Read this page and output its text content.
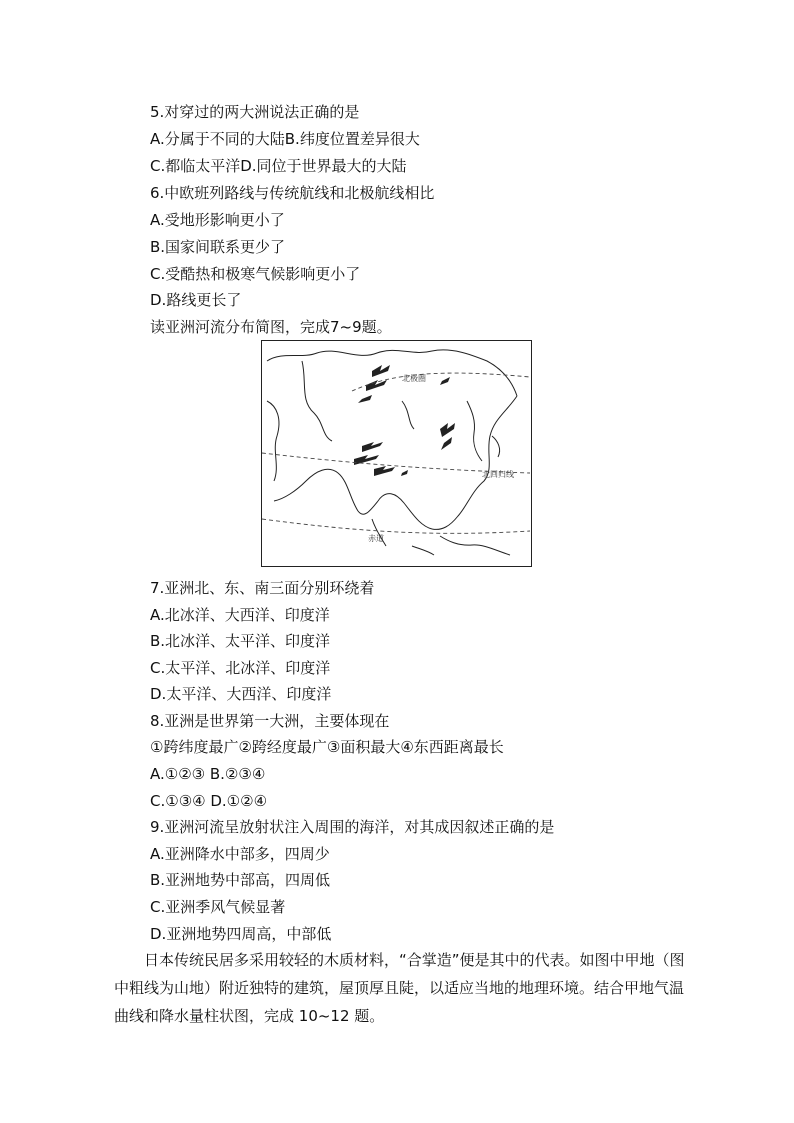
5.对穿过的两大洲说法正确的是
A.分属于不同的大陆B.纬度位置差异很大
C.都临太平洋D.同位于世界最大的大陆
6.中欧班列路线与传统航线和北极航线相比
A.受地形影响更小了
B.国家间联系更少了
C.受酷热和极寒气候影响更小了
D.路线更长了
读亚洲河流分布简图，完成7~9题。
北极圈
北回归线
赤道
7.亚洲北、东、南三面分别环绕着
A.北冰洋、大西洋、印度洋
B.北冰洋、太平洋、印度洋
C.太平洋、北冰洋、印度洋
D.太平洋、大西洋、印度洋
8.亚洲是世界第一大洲，主要体现在
①跨纬度最广②跨经度最广③面积最大④东西距离最长
A.①②③ B.②③④
C.①③④ D.①②④
9.亚洲河流呈放射状注入周围的海洋，对其成因叙述正确的是
A.亚洲降水中部多，四周少
B.亚洲地势中部高，四周低
C.亚洲季风气候显著
D.亚洲地势四周高，中部低
日本传统民居多采用较轻的木质材料，“合掌造”便是其中的代表。如图中甲地（图中粗线为山地）附近独特的建筑，屋顶厚且陡，以适应当地的地理环境。结合甲地气温曲线和降水量柱状图，完成 10~12 题。
